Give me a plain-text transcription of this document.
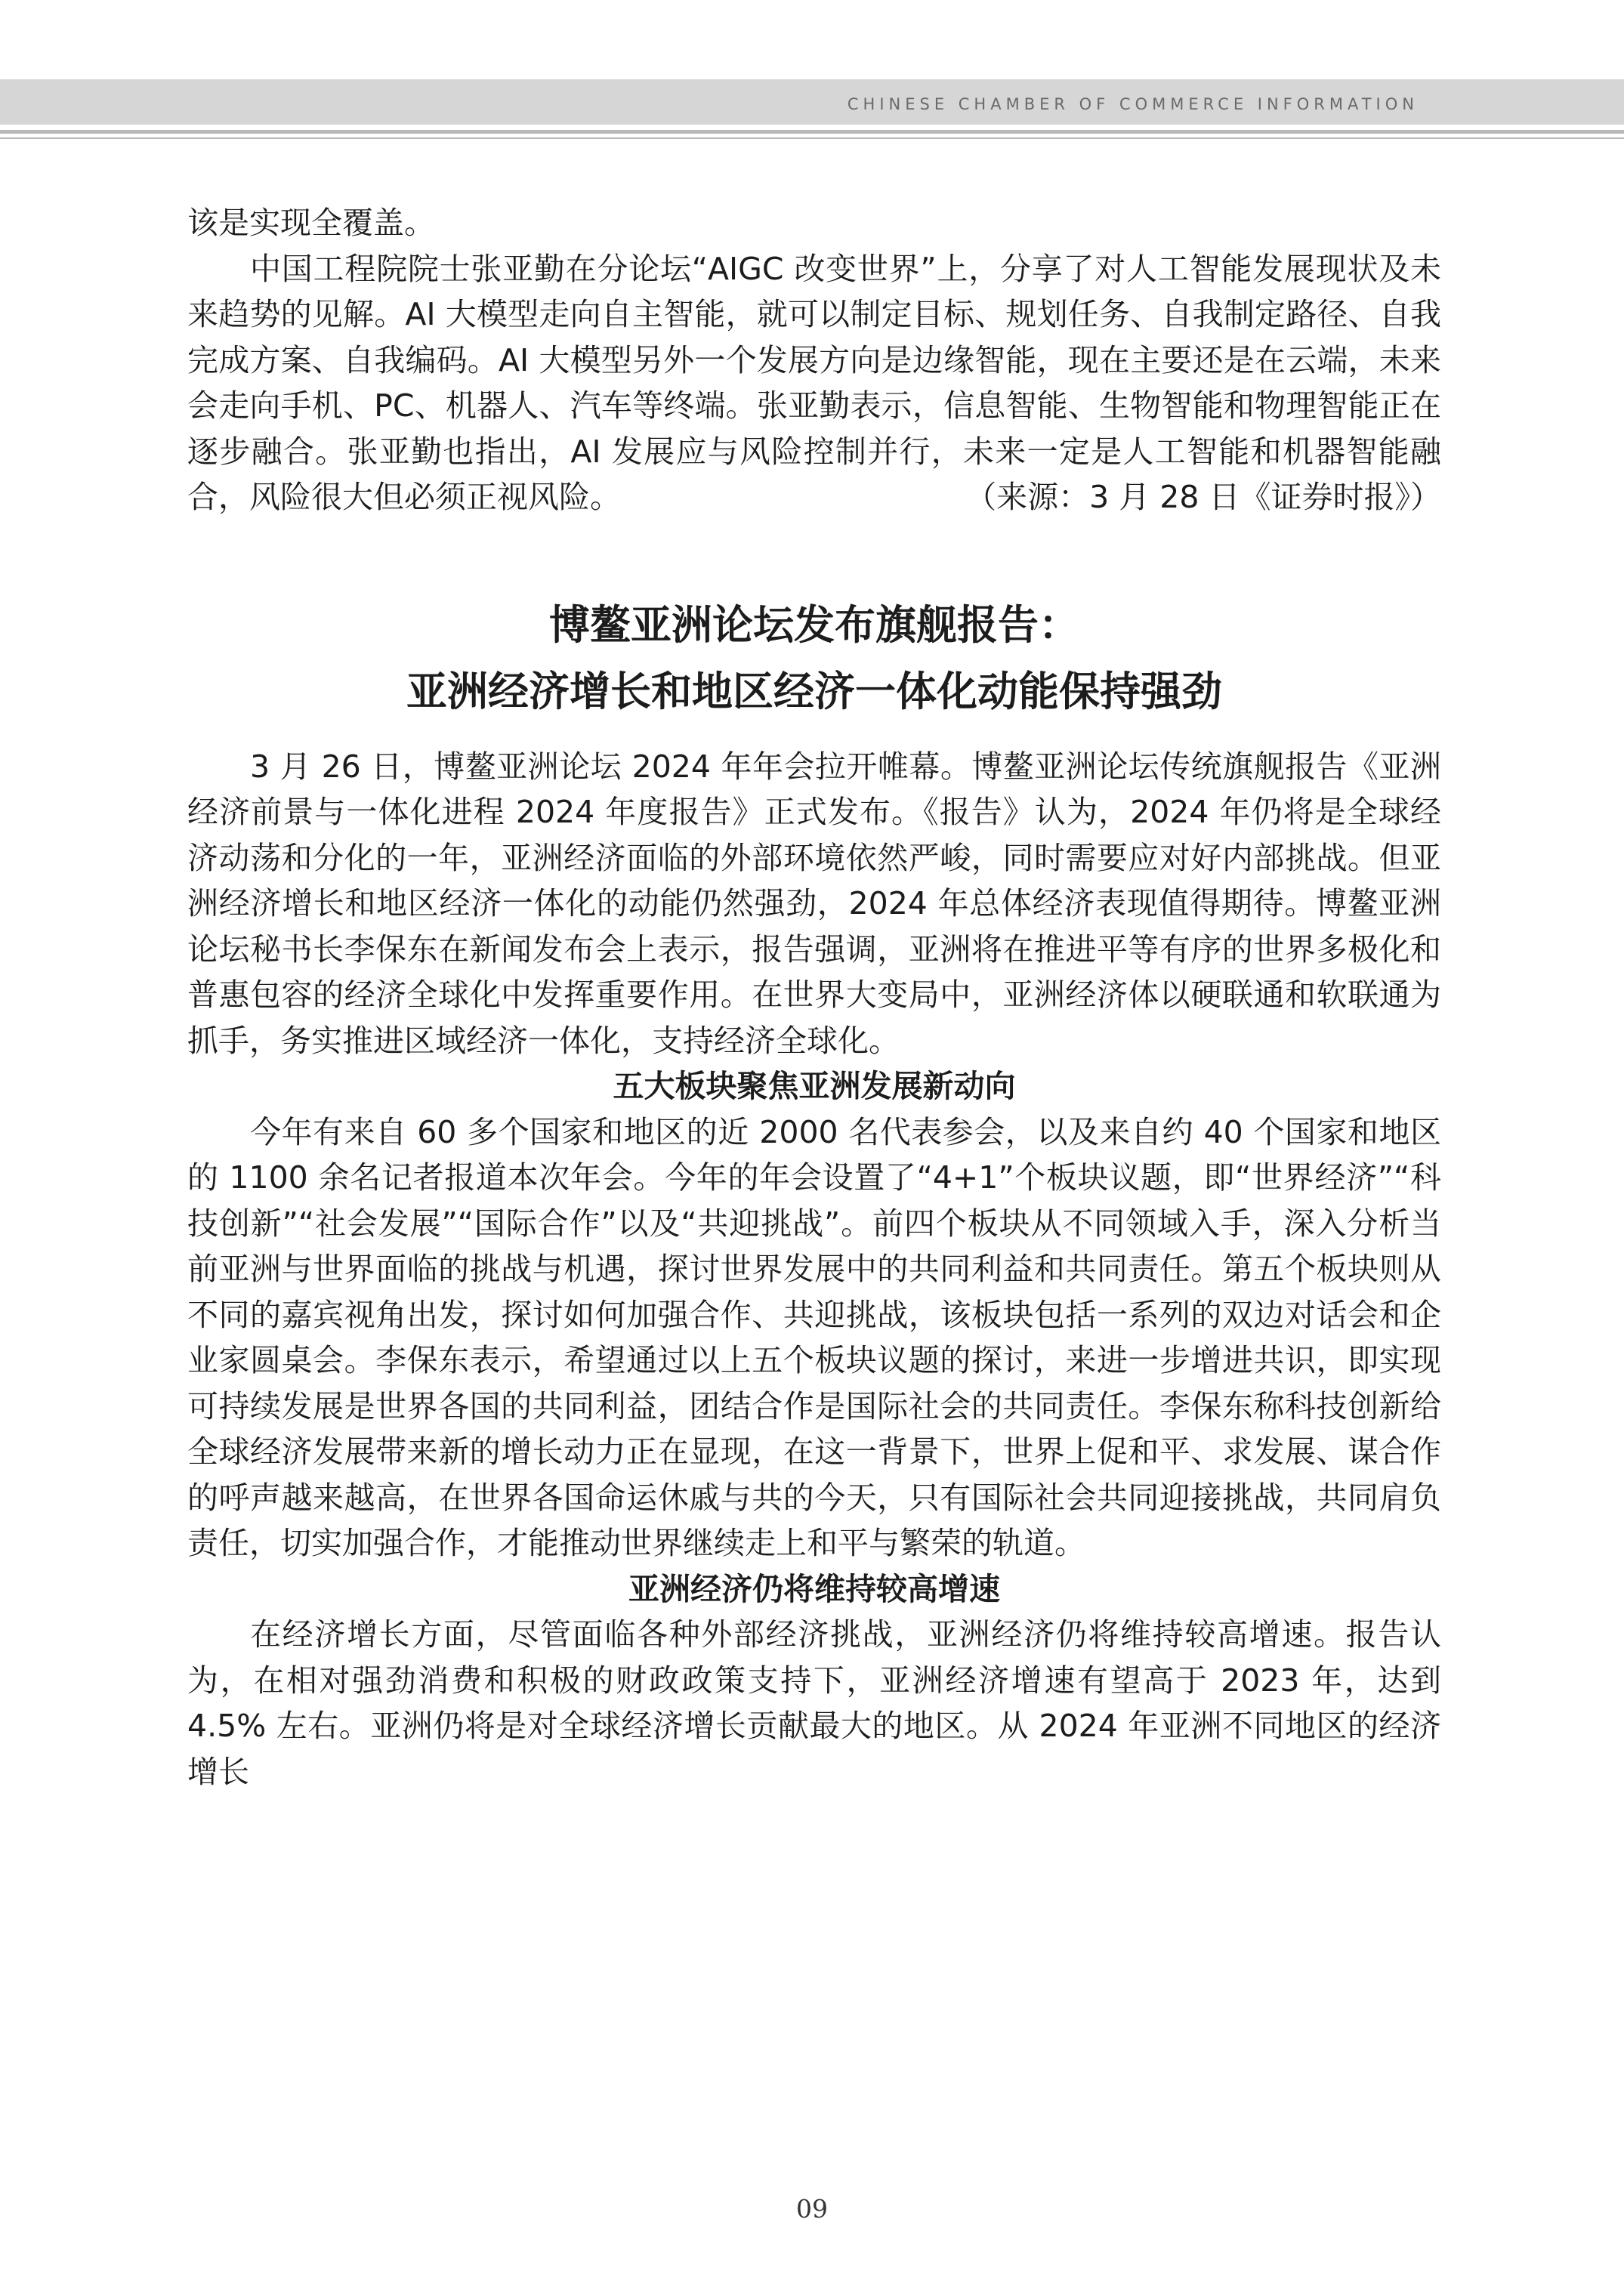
CHINESE CHAMBER OF COMMERCE INFORMATION

该是实现全覆盖。

中国工程院院士张亚勤在分论坛“AIGC 改变世界”上，分享了对人工智能发展现状及未来趋势的见解。AI 大模型走向自主智能，就可以制定目标、规划任务、自我制定路径、自我完成方案、自我编码。AI 大模型另外一个发展方向是边缘智能，现在主要还是在云端，未来会走向手机、PC、机器人、汽车等终端。张亚勤表示，信息智能、生物智能和物理智能正在逐步融合。张亚勤也指出，AI 发展应与风险控制并行，未来一定是人工智能和机器智能融合，风险很大但必须正视风险。	（来源：3 月 28 日《证券时报》）
博鳌亚洲论坛发布旗舰报告：
亚洲经济增长和地区经济一体化动能保持强劲

3 月 26 日，博鳌亚洲论坛 2024 年年会拉开帷幕。博鳌亚洲论坛传统旗舰报告《亚洲经济前景与一体化进程 2024 年度报告》正式发布。《报告》认为，2024 年仍将是全球经济动荡和分化的一年，亚洲经济面临的外部环境依然严峻，同时需要应对好内部挑战。但亚洲经济增长和地区经济一体化的动能仍然强劲，2024 年总体经济表现值得期待。博鳌亚洲论坛秘书长李保东在新闻发布会上表示，报告强调，亚洲将在推进平等有序的世界多极化和普惠包容的经济全球化中发挥重要作用。在世界大变局中，亚洲经济体以硬联通和软联通为抓手，务实推进区域经济一体化，支持经济全球化。

五大板块聚焦亚洲发展新动向

今年有来自 60 多个国家和地区的近 2000 名代表参会，以及来自约 40 个国家和地区的 1100 余名记者报道本次年会。今年的年会设置了“4+1”个板块议题，即“世界经济”“科技创新”“社会发展”“国际合作”以及“共迎挑战”。前四个板块从不同领域入手，深入分析当前亚洲与世界面临的挑战与机遇，探讨世界发展中的共同利益和共同责任。第五个板块则从不同的嘉宾视角出发，探讨如何加强合作、共迎挑战，该板块包括一系列的双边对话会和企业家圆桌会。李保东表示，希望通过以上五个板块议题的探讨，来进一步增进共识，即实现可持续发展是世界各国的共同利益，团结合作是国际社会的共同责任。李保东称科技创新给全球经济发展带来新的增长动力正在显现，在这一背景下，世界上促和平、求发展、谋合作的呼声越来越高，在世界各国命运休戚与共的今天，只有国际社会共同迎接挑战，共同肩负责任，切实加强合作，才能推动世界继续走上和平与繁荣的轨道。

亚洲经济仍将维持较高增速

在经济增长方面，尽管面临各种外部经济挑战，亚洲经济仍将维持较高增速。报告认为，在相对强劲消费和积极的财政政策支持下，亚洲经济增速有望高于 2023 年，达到 4.5% 左右。亚洲仍将是对全球经济增长贡献最大的地区。从 2024 年亚洲不同地区的经济增长

09
